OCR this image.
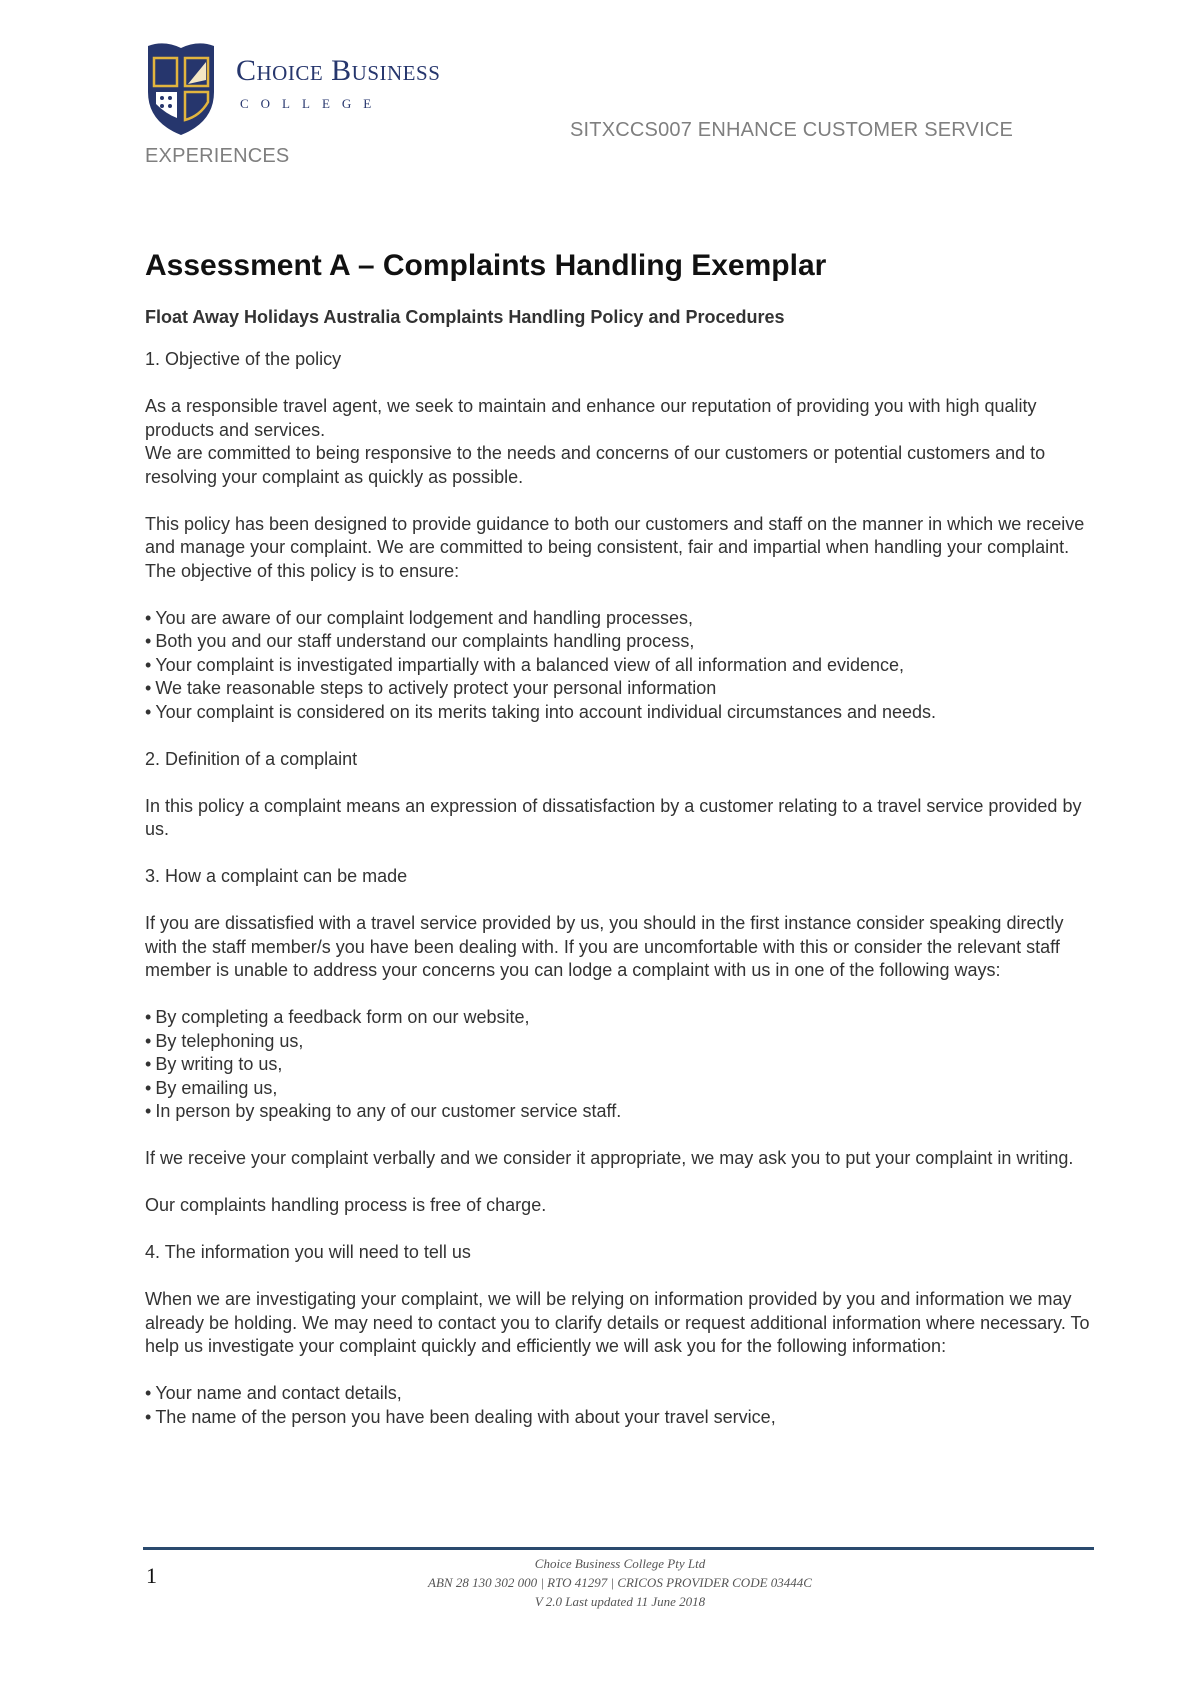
Choice Business
COLLEGE
SITXCCS007 ENHANCE CUSTOMER SERVICE EXPERIENCES
Assessment A – Complaints Handling Exemplar
Float Away Holidays Australia Complaints Handling Policy and Procedures
1. Objective of the policy
As a responsible travel agent, we seek to maintain and enhance our reputation of providing you with high quality products and services.
We are committed to being responsive to the needs and concerns of our customers or potential customers and to resolving your complaint as quickly as possible.
This policy has been designed to provide guidance to both our customers and staff on the manner in which we receive and manage your complaint. We are committed to being consistent, fair and impartial when handling your complaint.
The objective of this policy is to ensure:
• You are aware of our complaint lodgement and handling processes,
• Both you and our staff understand our complaints handling process,
• Your complaint is investigated impartially with a balanced view of all information and evidence,
• We take reasonable steps to actively protect your personal information
• Your complaint is considered on its merits taking into account individual circumstances and needs.
2. Definition of a complaint
In this policy a complaint means an expression of dissatisfaction by a customer relating to a travel service provided by us.
3. How a complaint can be made
If you are dissatisfied with a travel service provided by us, you should in the first instance consider speaking directly with the staff member/s you have been dealing with. If you are uncomfortable with this or consider the relevant staff member is unable to address your concerns you can lodge a complaint with us in one of the following ways:
• By completing a feedback form on our website,
• By telephoning us,
• By writing to us,
• By emailing us,
• In person by speaking to any of our customer service staff.
If we receive your complaint verbally and we consider it appropriate, we may ask you to put your complaint in writing.
Our complaints handling process is free of charge.
4. The information you will need to tell us
When we are investigating your complaint, we will be relying on information provided by you and information we may already be holding. We may need to contact you to clarify details or request additional information where necessary. To help us investigate your complaint quickly and efficiently we will ask you for the following information:
• Your name and contact details,
• The name of the person you have been dealing with about your travel service,
1	Choice Business College Pty Ltd
ABN 28 130 302 000 | RTO 41297 | CRICOS PROVIDER CODE 03444C
V 2.0 Last updated 11 June 2018
